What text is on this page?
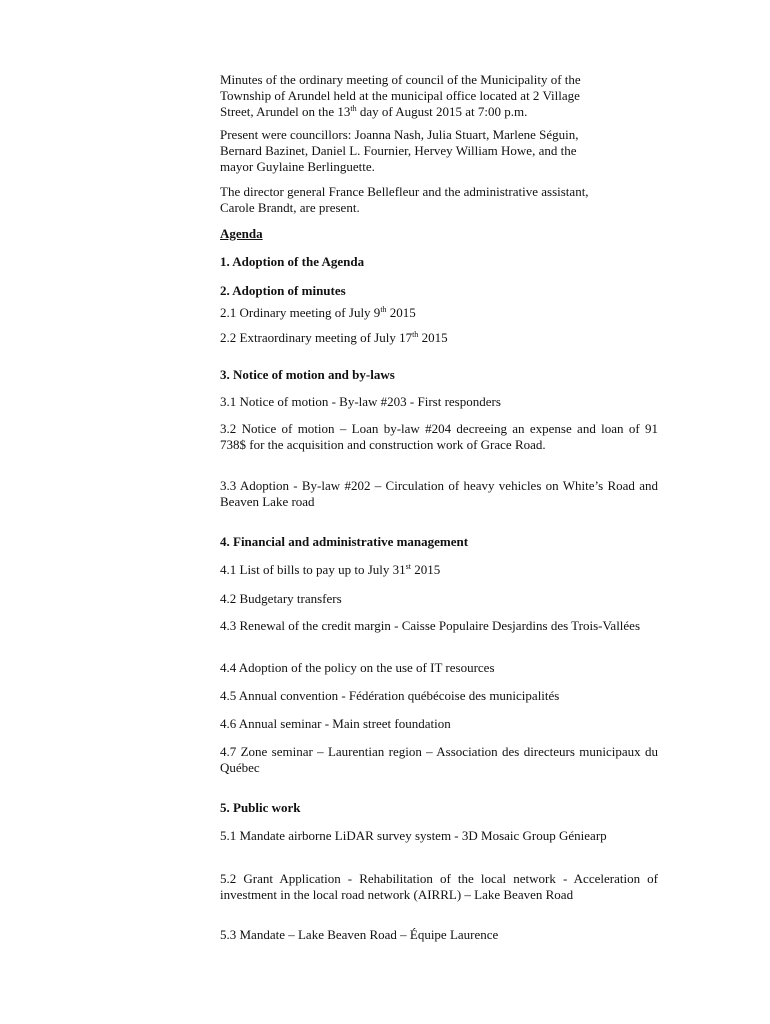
Minutes of the ordinary meeting of council of the Municipality of the
Township of Arundel held at the municipal office located at 2 Village
Street, Arundel on the 13th day of August 2015 at 7:00 p.m.
Present were councillors: Joanna Nash, Julia Stuart, Marlene Séguin,
Bernard Bazinet, Daniel L. Fournier, Hervey William Howe, and the
mayor Guylaine Berlinguette.
The director general France Bellefleur and the administrative assistant,
Carole Brandt, are present.
Agenda
1. Adoption of the Agenda
2. Adoption of minutes
2.1 Ordinary meeting of July 9th 2015
2.2 Extraordinary meeting of July 17th 2015
3. Notice of motion and by-laws
3.1 Notice of motion - By-law #203 - First responders
3.2 Notice of motion – Loan by-law #204 decreeing an expense and loan of 91 738$ for the acquisition and construction work of Grace Road.
3.3 Adoption - By-law #202 – Circulation of heavy vehicles on White’s Road and Beaven Lake road
4. Financial and administrative management
4.1 List of bills to pay up to July 31st 2015
4.2 Budgetary transfers
4.3 Renewal of the credit margin - Caisse Populaire Desjardins des Trois-Vallées
4.4 Adoption of the policy on the use of IT resources
4.5 Annual convention - Fédération québécoise des municipalités
4.6 Annual seminar - Main street foundation
4.7 Zone seminar – Laurentian region – Association des directeurs municipaux du Québec
5. Public work
5.1 Mandate airborne LiDAR survey system - 3D Mosaic Group Géniearp
5.2 Grant Application - Rehabilitation of the local network - Acceleration of investment in the local road network (AIRRL) – Lake Beaven Road
5.3 Mandate – Lake Beaven Road – Équipe Laurence
